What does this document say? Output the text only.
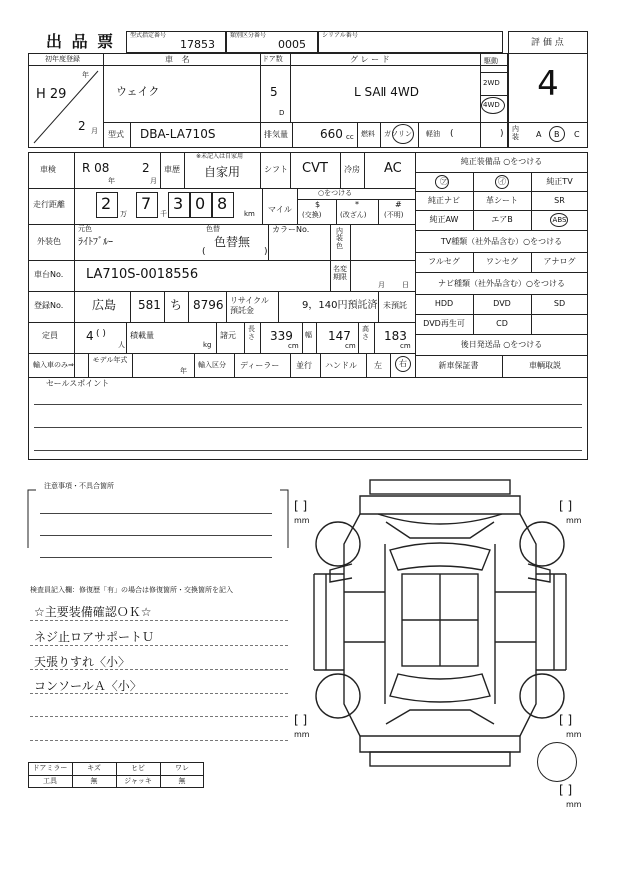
出 品 票 型式指定番号
17853
類別区分番号
0005
シリアル番号
評 価 点
4
初年度登録
年
H 29
2 月
車 名
ウェイク
ドア数
5
D
グ レ ー ド
L SAⅡ 4WD
駆動
2WD
4WD
型式 DBA-LA710S	排気量	660 cc 燃料 ガソリン 軽油 (	) 内装	A B C
車検 R 08
年
2
月
車歴
※未記入は自家用
自家用	シフト CVT 冷房 AC
走行距離 2
万
7
千
3 0 8
km マイル
○をつける
$
(交換)
*
(改ざん)
#
(不明)
外装色
元色
ﾗｲﾄﾌﾞﾙｰ
色替
色替無
(	)
カラーNo.	内装色
車台No. LA710S-0018556	名変期限
月 日
登録No. 広島 581 ち 8796 リサイクル預託金	9，140円預託済 未預託
定員 4 ( )
人
積載量
kg
諸元
長さ 339
cm
幅 147
cm
高さ 183
cm
輸入車のみ⇒
モデル年式
年
輸入区分 ディーラー 並行 ハンドル 左 右
純正装備品 ○をつける
㋐	㋑	純正TV
純正ナビ	革シート	SR
純正AW	エアB	ABS
TV種類（社外品含む）○をつける
フルセグ	ワンセグ	アナログ
ナビ種類（社外品含む）○をつける
HDD	DVD	SD
DVD再生可	CD
後日発送品 ○をつける
新車保証書	車輌取説
セールスポイント
注意事項・不具合箇所
検査員記入欄：修復歴「有」の場合は修復箇所・交換箇所を記入
☆主要装備確認ＯＫ☆
ネジ止ロアサポートＵ
天張りすれ〈小〉
コンソールＡ〈小〉
ドアミラー	キズ	ヒビ	ワレ
工具	無	ジャッキ	無
[ ]
mm
[ ]
mm
[ ]
mm
[ ]
mm
[ ]
mm
